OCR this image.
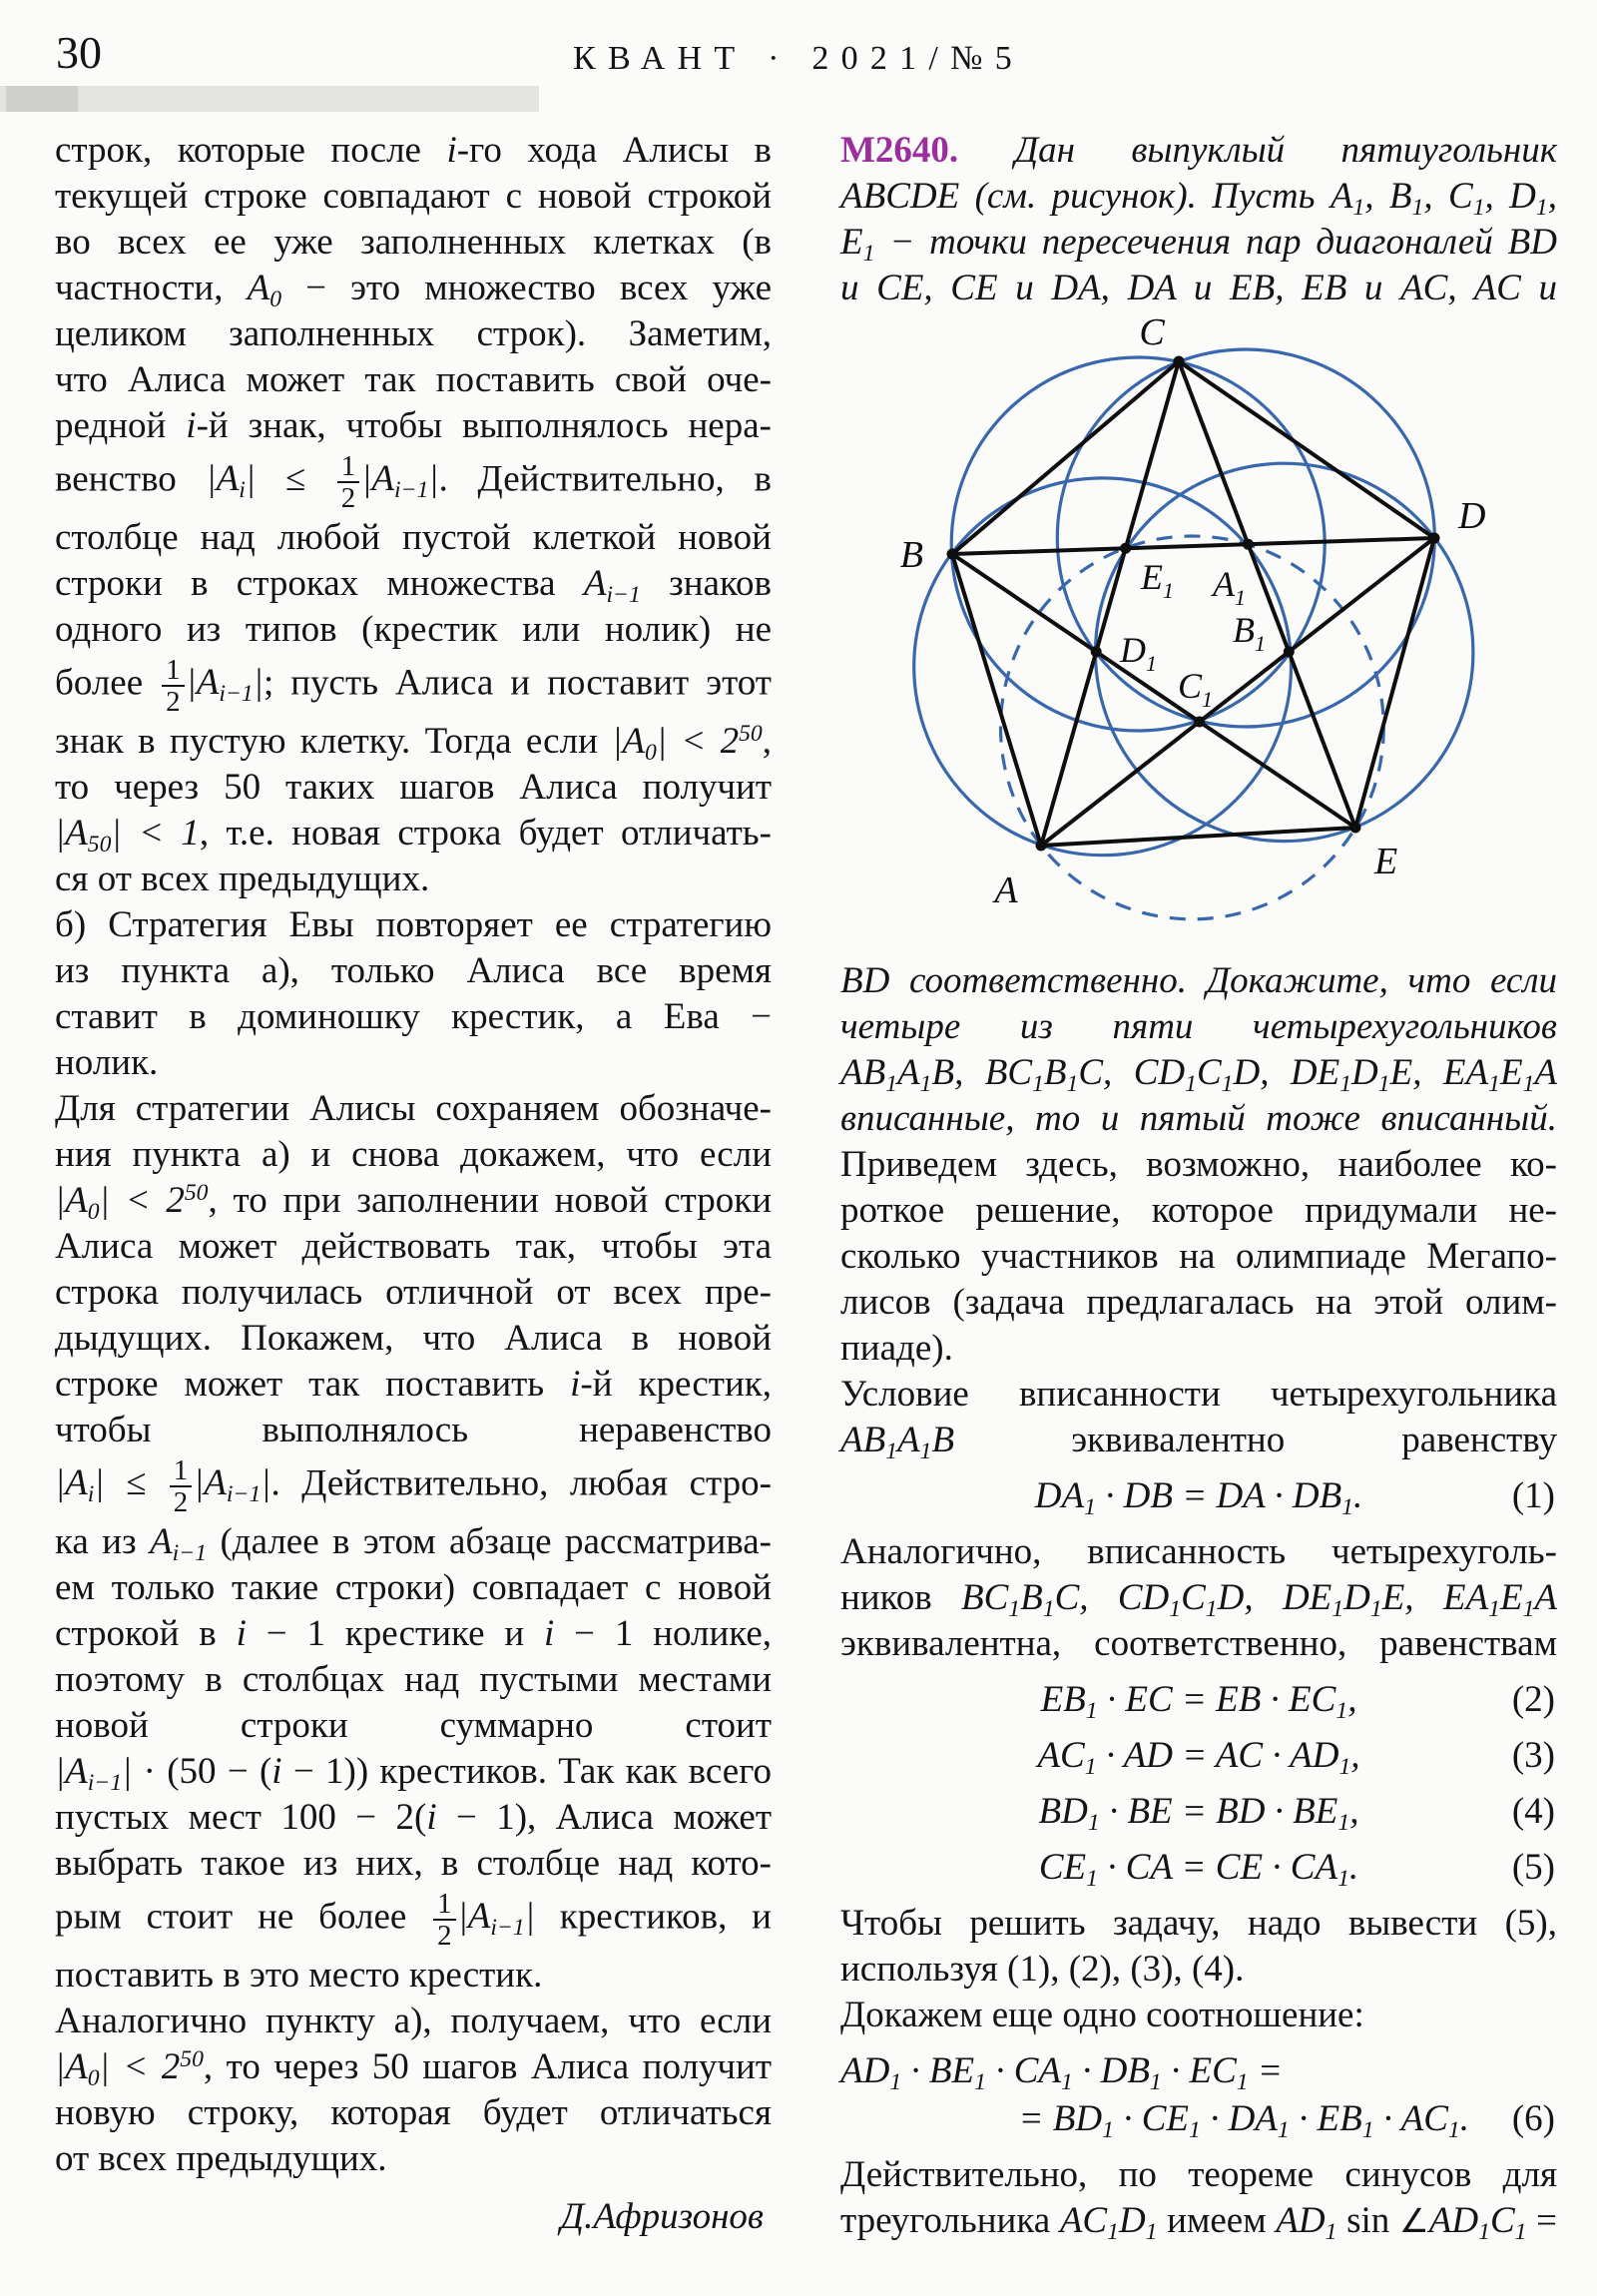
30	КВАНТ · 2021/№5
строк, которые после i-го хода Алисы в
текущей строке совпадают с новой строкой
во всех ее уже заполненных клетках (в
частности, $A_0$ − это множество всех уже
целиком заполненных строк). Заметим,
что Алиса может так поставить свой оче-
редной i-й знак, чтобы выполнялось нера-
венство $|A_i| \le \frac{1}{2} |A_{i-1}|$. Действительно, в
столбце над любой пустой клеткой новой
строки в строках множества $A_{i-1}$ знаков
одного из типов (крестик или нолик) не
более $\frac{1}{2} |A_{i-1}|$; пусть Алиса и поставит этот
знак в пустую клетку. Тогда если $|A_0| < 2^{50}$,
то через 50 таких шагов Алиса получит
$|A_{50}| < 1$, т.е. новая строка будет отличать-
ся от всех предыдущих.
б) Стратегия Евы повторяет ее стратегию
из пункта а), только Алиса все время
ставит в доминошку крестик, а Ева −
нолик.
Для стратегии Алисы сохраняем обозначе-
ния пункта а) и снова докажем, что если
$|A_0| < 2^{50}$, то при заполнении новой строки
Алиса может действовать так, чтобы эта
строка получилась отличной от всех пре-
дыдущих. Покажем, что Алиса в новой
строке может так поставить i-й крестик,
чтобы выполнялось неравенство
$|A_i| \le \frac{1}{2} |A_{i-1}|$. Действительно, любая стро-
ка из $A_{i-1}$ (далее в этом абзаце рассматрива-
ем только такие строки) совпадает с новой
строкой в i − 1 крестике и i − 1 нолике,
поэтому в столбцах над пустыми местами
новой строки суммарно стоит
$|A_{i-1}| \cdot (50 - (i - 1))$ крестиков. Так как всего
пустых мест 100 − 2(i − 1), Алиса может
выбрать такое из них, в столбце над кото-
рым стоит не более $\frac{1}{2} |A_{i-1}|$ крестиков, и
поставить в это место крестик.
Аналогично пункту а), получаем, что если
$|A_0| < 2^{50}$, то через 50 шагов Алиса получит
новую строку, которая будет отличаться
от всех предыдущих.
Д.Афризонов
М2640. Дан выпуклый пятиугольник
ABCDE (см. рисунок). Пусть $A_1$, $B_1$, $C_1$, $D_1$,
$E_1$ − точки пересечения пар диагоналей BD
и CE, CE и DA, DA и EB, EB и AC, AC и
C
B
D
A
E
$E_1$ $A_1$
$D_1$
$B_1$
$C_1$
BD соответственно. Докажите, что если
четыре из пяти четырехугольников
$AB_1A_1B$, $BC_1B_1C$, $CD_1C_1D$, $DE_1D_1E$, $EA_1E_1A$
вписанные, то и пятый тоже вписанный.
Приведем здесь, возможно, наиболее ко-
роткое решение, которое придумали не-
сколько участников на олимпиаде Мегапо-
лисов (задача предлагалась на этой олим-
пиаде).
Условие вписанности четырехугольника
$AB_1A_1B$ эквивалентно равенству
$DA_1$ · DB = DA · $DB_1$.	(1)
Аналогично, вписанность четырехуголь-
ников $BC_1B_1C$, $CD_1C_1D$, $DE_1D_1E$, $EA_1E_1A$
эквивалентна, соответственно, равенствам
$EB_1$ · EC = EB · $EC_1$,	(2)
$AC_1$ · AD = AC · $AD_1$,	(3)
$BD_1$ · BE = BD · $BE_1$,	(4)
$CE_1$ · CA = CE · $CA_1$.	(5)
Чтобы решить задачу, надо вывести (5),
используя (1), (2), (3), (4).
Докажем еще одно соотношение:
$AD_1 \cdot BE_1 \cdot CA_1 \cdot DB_1 \cdot EC_1$ =
= $BD_1 \cdot CE_1 \cdot DA_1 \cdot EB_1 \cdot AC_1$. (6)
Действительно, по теореме синусов для
треугольника $AC_1D_1$ имеем $AD_1$ $\sin \angle AD_1C_1$ =
